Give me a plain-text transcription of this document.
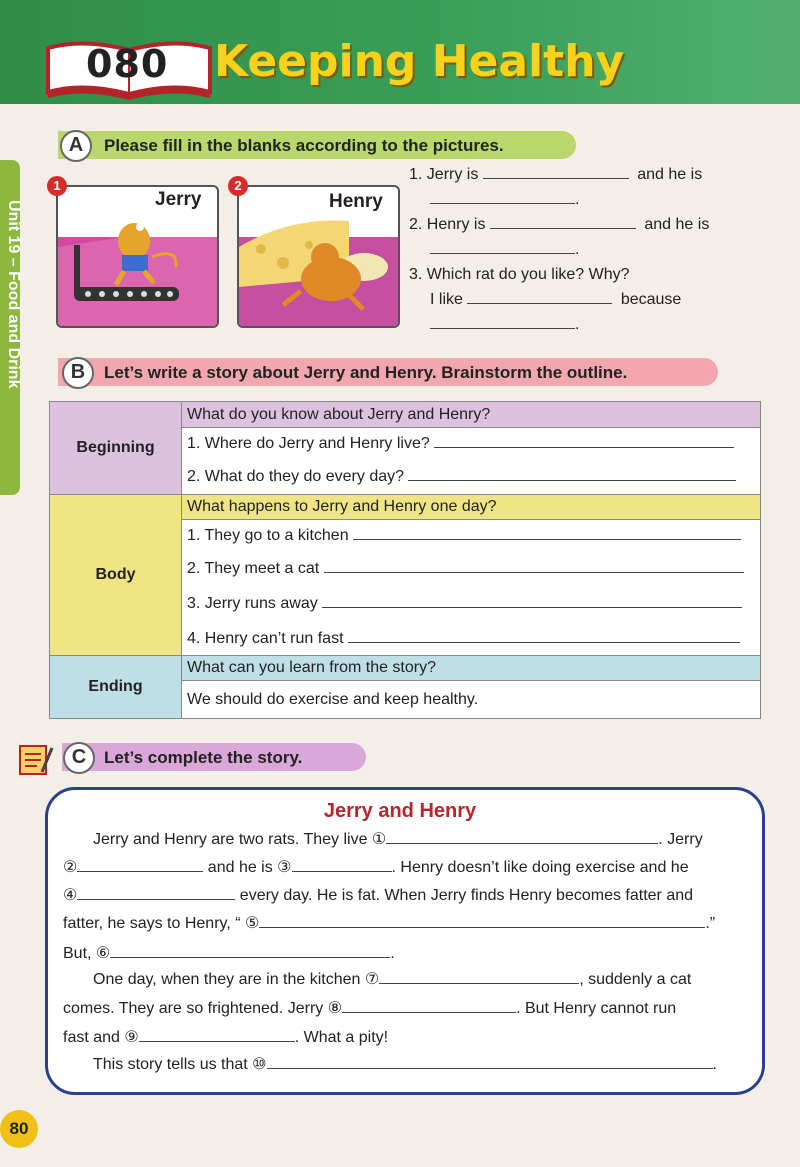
080 Keeping Healthy
Unit 19 – Food and Drink
A	Please fill in the blanks according to the pictures.
1
Jerry
2
Henry
1. Jerry is	and he is
.
2. Henry is	and he is
.
3. Which rat do you like? Why?
I like	because
.
B	Let’s write a story about Jerry and Henry. Brainstorm the outline.
Beginning	What do you know about Jerry and Henry?
	1. Where do Jerry and Henry live?
	2. What do they do every day?
Body	What happens to Jerry and Henry one day?
	1. They go to a kitchen
	2. They meet a cat
	3. Jerry runs away
	4. Henry can’t run fast
Ending	What can you learn from the story?
	We should do exercise and keep healthy.
C	Let’s complete the story.
Jerry and Henry
Jerry and Henry are two rats. They live ①	. Jerry
②	and he is ③	. Henry doesn’t like doing exercise and he
④	every day. He is fat. When Jerry finds Henry becomes fatter and
fatter, he says to Henry, “ ⑤	.”
But, ⑥	.
One day, when they are in the kitchen ⑦	, suddenly a cat
comes. They are so frightened. Jerry ⑧	. But Henry cannot run
fast and ⑨	. What a pity!
This story tells us that ⑩	.
80
